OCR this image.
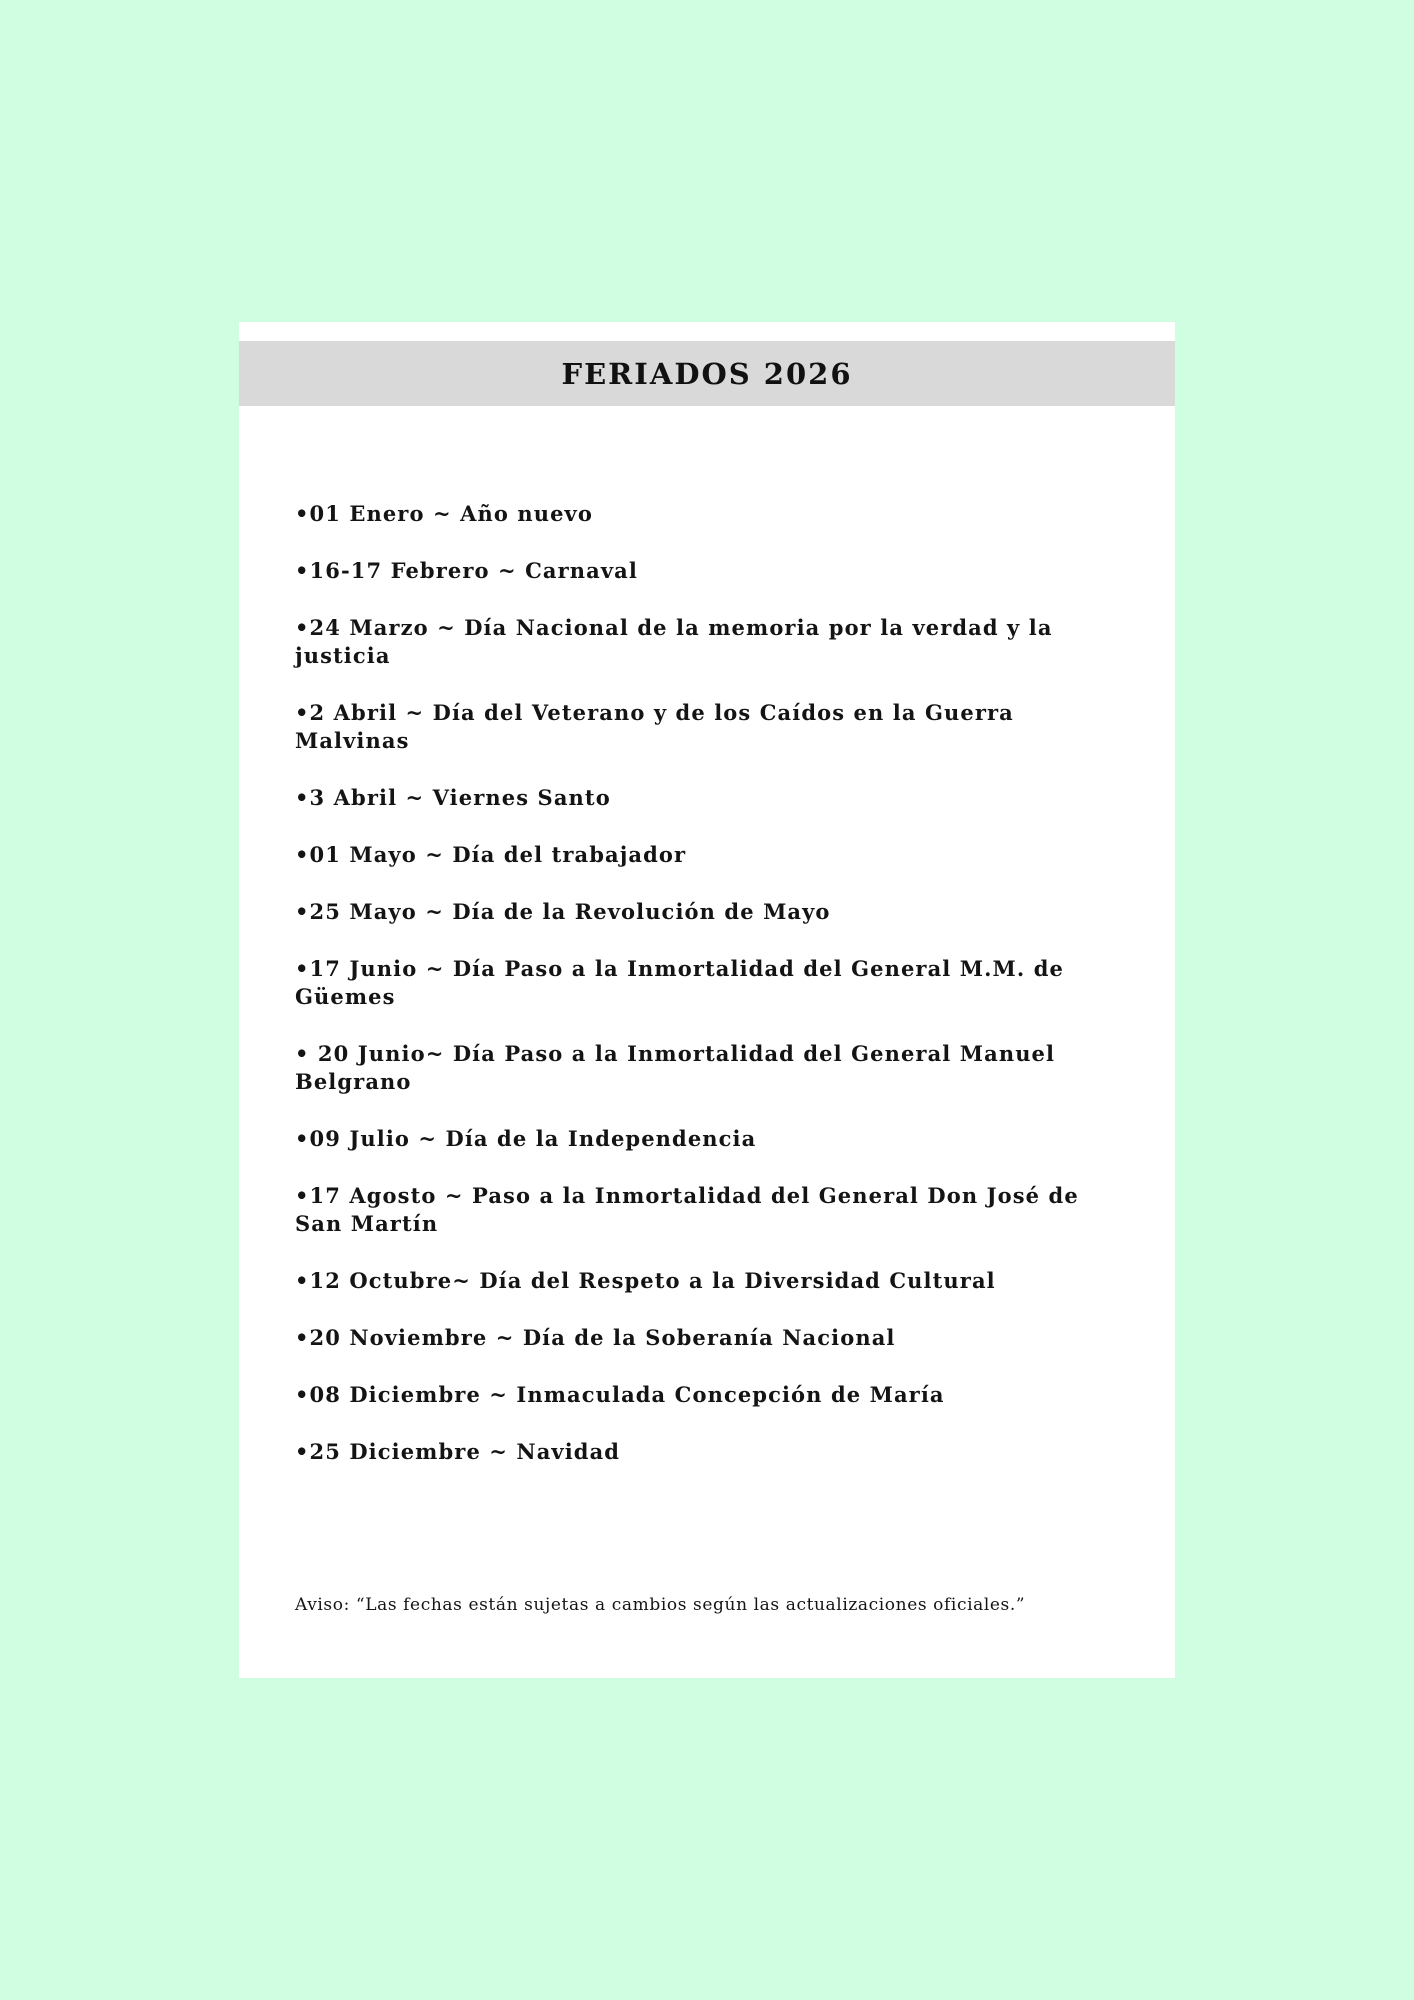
FERIADOS 2026
•01 Enero ~ Año nuevo
•16-17 Febrero ~ Carnaval
•24 Marzo ~ Día Nacional de la memoria por la verdad y la justicia
•2 Abril ~ Día del Veterano y de los Caídos en la Guerra Malvinas
•3 Abril ~ Viernes Santo
•01 Mayo ~ Día del trabajador
•25 Mayo ~ Día de la Revolución de Mayo
•17 Junio ~ Día Paso a la Inmortalidad del General M.M. de Güemes
• 20 Junio~ Día Paso a la Inmortalidad del General Manuel Belgrano
•09 Julio ~ Día de la Independencia
•17 Agosto ~ Paso a la Inmortalidad del General Don José de San Martín
•12 Octubre~ Día del Respeto a la Diversidad Cultural
•20 Noviembre ~ Día de la Soberanía Nacional
•08 Diciembre ~ Inmaculada Concepción de María
•25 Diciembre ~ Navidad
Aviso: “Las fechas están sujetas a cambios según las actualizaciones oficiales.”
